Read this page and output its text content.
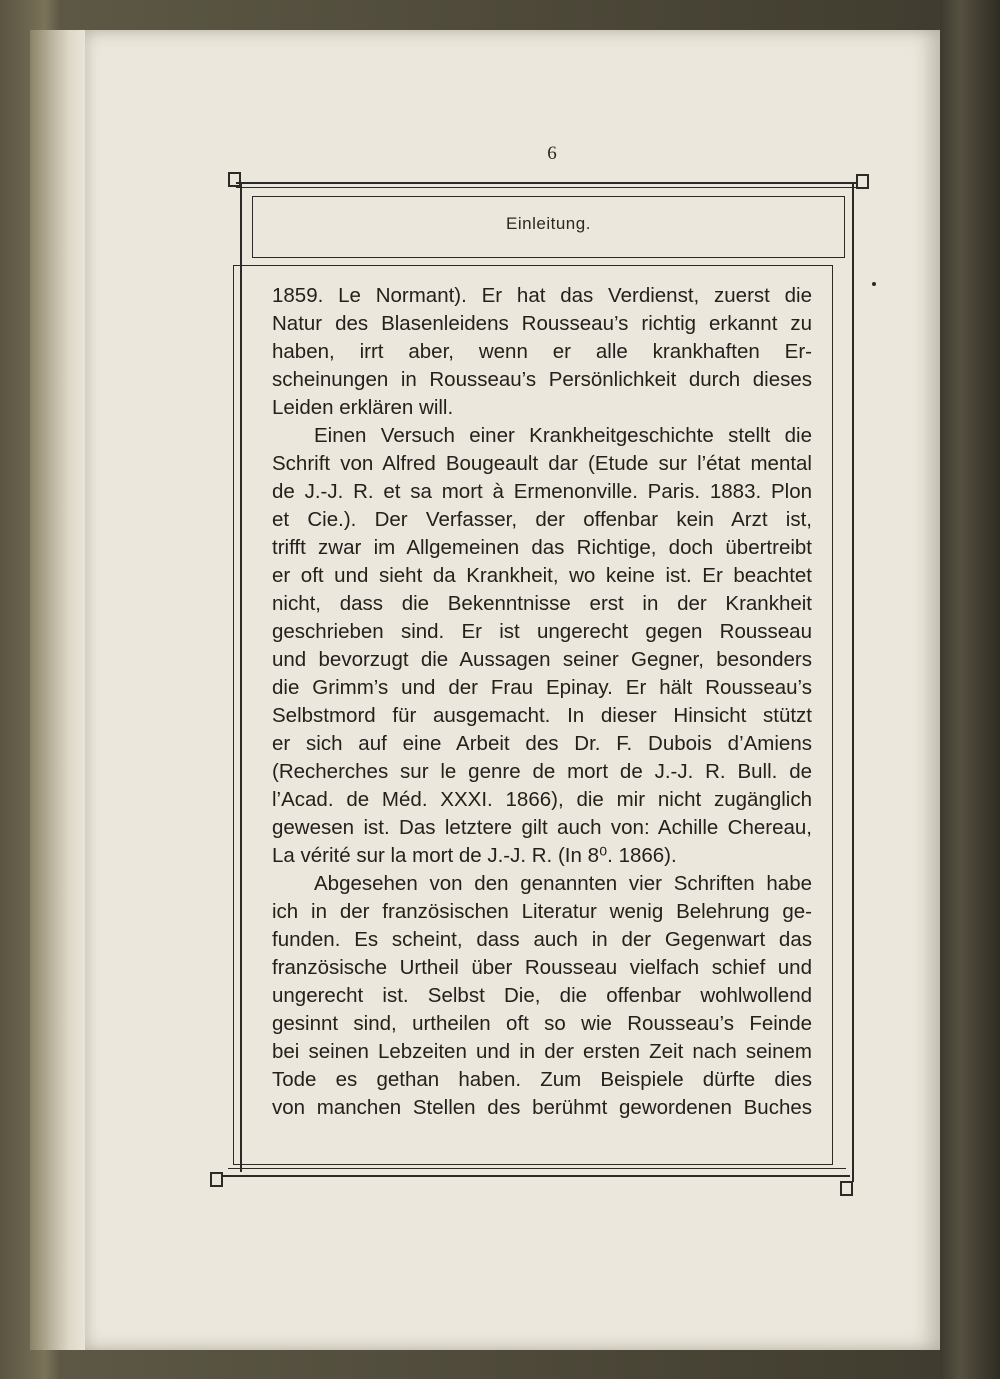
6
Einleitung.
1859. Le Normant). Er hat das Verdienst, zuerst die
Natur des Blasenleidens Rousseau’s richtig erkannt zu
haben, irrt aber, wenn er alle krankhaften Er-
scheinungen in Rousseau’s Persönlichkeit durch dieses
Leiden erklären will.
Einen Versuch einer Krankheitgeschichte stellt die
Schrift von Alfred Bougeault dar (Etude sur l’état mental
de J.-J. R. et sa mort à Ermenonville. Paris. 1883. Plon
et Cie.). Der Verfasser, der offenbar kein Arzt ist,
trifft zwar im Allgemeinen das Richtige, doch übertreibt
er oft und sieht da Krankheit, wo keine ist. Er beachtet
nicht, dass die Bekenntnisse erst in der Krankheit
geschrieben sind. Er ist ungerecht gegen Rousseau
und bevorzugt die Aussagen seiner Gegner, besonders
die Grimm’s und der Frau Epinay. Er hält Rousseau’s
Selbstmord für ausgemacht. In dieser Hinsicht stützt
er sich auf eine Arbeit des Dr. F. Dubois d’Amiens
(Recherches sur le genre de mort de J.-J. R. Bull. de
l’Acad. de Méd. XXXI. 1866), die mir nicht zugänglich
gewesen ist. Das letztere gilt auch von: Achille Chereau,
La vérité sur la mort de J.-J. R. (In 8⁰. 1866).
Abgesehen von den genannten vier Schriften habe
ich in der französischen Literatur wenig Belehrung ge-
funden. Es scheint, dass auch in der Gegenwart das
französische Urtheil über Rousseau vielfach schief und
ungerecht ist. Selbst Die, die offenbar wohlwollend
gesinnt sind, urtheilen oft so wie Rousseau’s Feinde
bei seinen Lebzeiten und in der ersten Zeit nach seinem
Tode es gethan haben. Zum Beispiele dürfte dies
von manchen Stellen des berühmt gewordenen Buches
